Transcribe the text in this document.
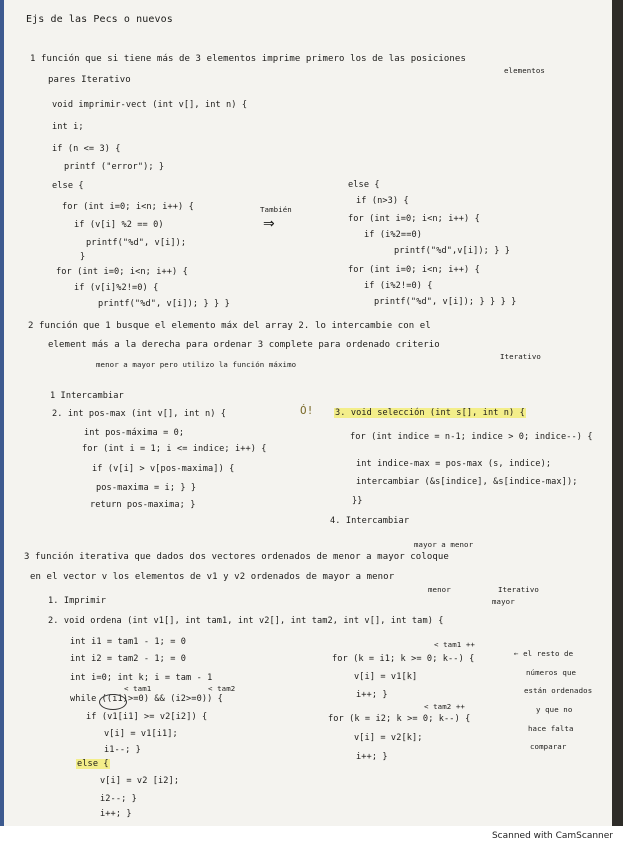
Ejs de las Pecs o nuevos
1 función que si tiene más de 3 elementos imprime primero los de las posiciones
elementos
pares Iterativo
void imprimir-vect (int v[], int n) {
int i;
if (n <= 3) {
printf ("error"); }
else {
for (int i=0; i<n; i++) {
if (v[i] %2 == 0)
printf("%d", v[i]);
}
for (int i=0; i<n; i++) {
if (v[i]%2!=0) {
printf("%d", v[i]); } } }
También
⇒
else {
if (n>3) {
for (int i=0; i<n; i++) {
if (i%2==0)
printf("%d",v[i]); } }
for (int i=0; i<n; i++) {
if (i%2!=0) {
printf("%d", v[i]); } } } }
2 función que 1 busque el elemento máx del array 2. lo intercambie con el
element más a la derecha para ordenar 3 complete para ordenado criterio
menor a mayor pero utilizo la función máximo
Iterativo
1 Intercambiar
2. int pos-max (int v[], int n) {
int pos-máxima = 0;
for (int i = 1; i <= indice; i++) {
if (v[i] > v[pos-maxima]) {
pos-maxima = i; } }
return pos-maxima; }
Ó!	3. void selección (int s[], int n) {
for (int indice = n-1; indice > 0; indice--) {
int indice-max = pos-max (s, indice);
intercambiar (&s[indice], &s[indice-max]);
}}
4. Intercambiar
mayor a menor
3 función iterativa que dados dos vectores ordenados de menor a mayor coloque
en el vector v los elementos de v1 y v2 ordenados de mayor a menor
menor	Iterativo
mayor
1. Imprimir
2. void ordena (int v1[], int tam1, int v2[], int tam2, int v[], int tam) {
int i1 = tam1 - 1; = 0
int i2 = tam2 - 1; = 0
int i=0; int k; i = tam - 1
< tam1	< tam2
while ((i1)>=0) && (i2>=0)) {
if (v1[i1] >= v2[i2]) {
v[i] = v1[i1];
i1--; }
else {
v[i] = v2 [i2];
i2--; }
i++; }
< tam1 ++
for (k = i1; k >= 0; k--) {
v[i] = v1[k]
i++; }
< tam2 ++
for (k = i2; k >= 0; k--) {
v[i] = v2[k];
i++; }
← el resto de
números que
están ordenados
y que no
hace falta
comparar
Scanned with CamScanner
